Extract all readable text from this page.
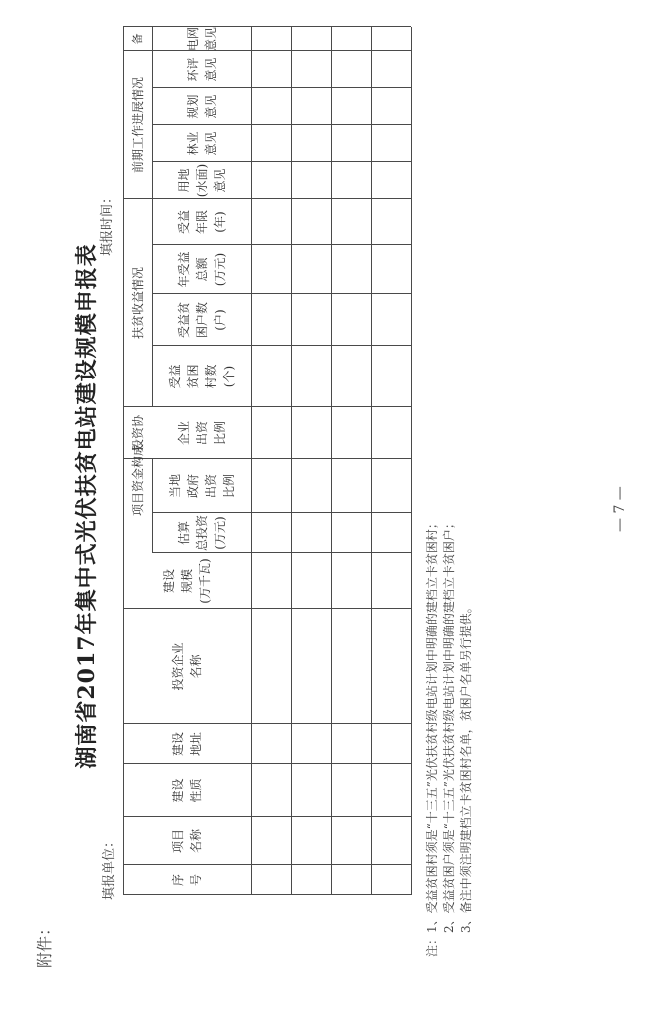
附件：
湖南省2017年集中式光伏扶贫电站建设规模申报表
填报单位：
填报时间：
序 号
项目 名称
建设 性质
建设 地址
投资企业 名称
建设 规模 (万千瓦)
项目资金构成
估算 总投资 (万元)
当地 政府 出资 比例
企业 出资 比例
投资协
扶贫收益情况
受益 贫困 村数 (个)
受益贫 困户数 (户)
年受益 总额 (万元)
受益 年限 (年)
前期工作进展情况
用地 (水面) 意见
林业 意见
规划 意见
环评 意见
电网 意见
备
注：1、受益贫困村须是“十三五”光伏扶贫村级电站计划中明确的建档立卡贫困村； 2、受益贫困户须是“十三五”光伏扶贫村级电站计划中明确的建档立卡贫困户； 3、备注中须注明建档立卡贫困村名单，贫困户名单另行提供。
— 7 —
